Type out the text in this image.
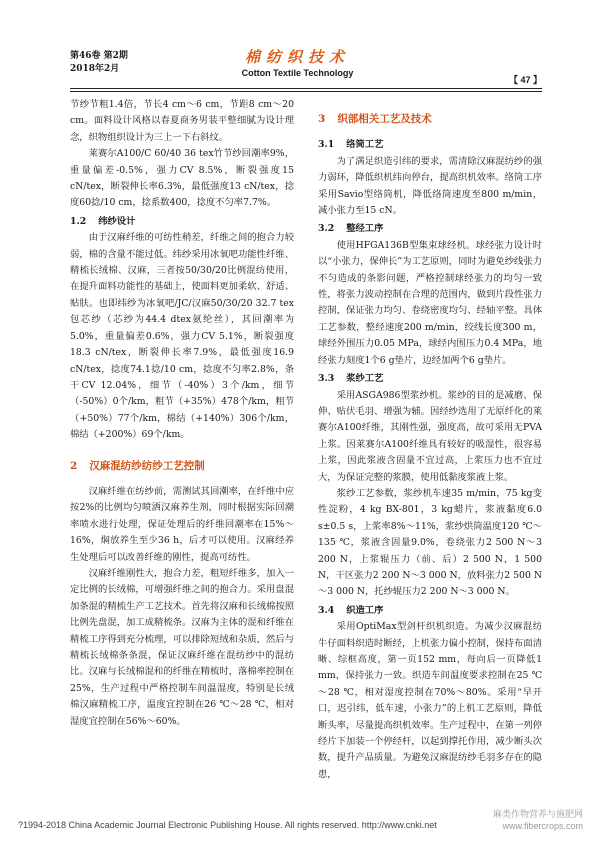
第46卷 第2期
2018年2月
棉纺织技术
Cotton Textile Technology
【 47 】

节纱节粗1.4倍，节长4 cm～6 cm，节距8 cm～20 cm。面料设计风格以春夏商务男装平整细腻为设计理念，织物组织设计为三上一下右斜纹。

莱赛尔A100/C 60/40 36 tex竹节纱回潮率9%，重量偏差-0.5%，强力CV 8.5%，断裂强度15 cN/tex，断裂伸长率6.3%，最低强度13 cN/tex，捻度60捻/10 cm，捻系数400，捻度不匀率7.7%。

1.2 纬纱设计

由于汉麻纤维的可纺性稍差，纤维之间的抱合力较弱，棉的含量不能过低。纬纱采用冰氧吧功能性纤维、精梳长绒棉、汉麻，三者按50/30/20比例混纺使用，在提升面料功能性的基础上，使面料更加柔软、舒适、贴肤。也即纬纱为冰氧吧/JC/汉麻50/30/20 32.7 tex包芯纱（芯纱为44.4 dtex氨纶丝），其回潮率为5.0%，重量偏差0.6%，强力CV 5.1%，断裂强度18.3 cN/tex，断裂伸长率7.9%，最低强度16.9 cN/tex，捻度74.1捻/10 cm，捻度不匀率2.8%，条干CV 12.04%，细节（-40%）3个/km，细节（-50%）0个/km，粗节（+35%）478个/km，粗节（+50%）77个/km，棉结（+140%）306个/km，棉结（+200%）69个/km。

2 汉麻混纺纱纺纱工艺控制

汉麻纤维在纺纱前，需测试其回潮率，在纤维中应按2%的比例均匀喷洒汉麻养生剂，同时根据实际回潮率喷水进行处理，保证处理后的纤维回潮率在15%～16%，焖放养生至少36 h，后才可以使用。汉麻经养生处理后可以改善纤维的刚性，提高可纺性。

汉麻纤维刚性大，抱合力差，粗短纤维多，加入一定比例的长绒棉，可增强纤维之间的抱合力。采用盘混加条混的精梳生产工艺技术。首先将汉麻和长绒棉按照比例先盘混，加工成精梳条。汉麻为主体的混和纤维在精梳工序得到充分梳理，可以排除短绒和杂质，然后与精梳长绒棉条条混，保证汉麻纤维在混纺纱中的混纺比。汉麻与长绒棉混和的纤维在精梳时，落棉率控制在25%，生产过程中严格控制车间温湿度，特别是长绒棉汉麻精梳工序，温度宜控制在26 ℃～28 ℃，相对湿度宜控制在56%～60%。

3 织部相关工艺及技术
3.1 络筒工艺

为了满足织造引纬的要求，需清除汉麻混纺纱的强力弱环，降低织机纬向停台，提高织机效率。络筒工序采用Savio型络筒机，降低络筒速度至800 m/min，减小张力至15 cN。

3.2 整经工序

使用HFGA136B型集束球经机。球经张力设计时以“小张力，保伸长”为工艺原则，同时为避免纱线张力不匀造成的条影问题，严格控制球经张力的均匀一致性，将张力波动控制在合理的范围内，做到片段性张力控制，保证张力均匀、卷绕密度均匀、经轴平整。具体工艺参数，整经速度200 m/min，绞线长度300 m，球经外围压力0.05 MPa，球经内围压力0.4 MPa，地经张力刻度1个6 g垫片，边经加两个6 g垫片。

3.3 浆纱工艺

采用ASGA986型浆纱机。浆纱的目的是减磨、保伸、贴伏毛羽、增强为辅。因经纱选用了无原纤化的莱赛尔A100纤维，其刚性强，强度高，故可采用无PVA上浆。因莱赛尔A100纤维具有较好的吸湿性，很容易上浆，因此浆液含固量不宜过高，上浆压力也不宜过大，为保证完整的浆膜，使用低黏度浆液上浆。

浆纱工艺参数，浆纱机车速35 m/min，75 kg变性淀粉，4 kg BX-801，3 kg蜡片，浆液黏度6.0 s±0.5 s，上浆率8%～11%，浆纱烘筒温度120 ℃～135 ℃，浆液含固量9.0%，卷绕张力2 500 N～3 200 N，上浆辊压力（前、后）2 500 N，1 500 N，干区张力2 200 N～3 000 N，放料张力2 500 N～3 000 N，托纱辊压力2 200 N～3 000 N。

3.4 织造工序

采用OptiMax型剑杆织机织造。为减少汉麻混纺牛仔面料织造时断经，上机张力偏小控制，保持布面清晰、综框高度，第一页152 mm，每向后一页降低1 mm，保持张力一致。织造车间温度要求控制在25 ℃～28 ℃，相对湿度控制在70%～80%。采用“早开口，迟引纬，低车速，小张力”的上机工艺原则，降低断头率，尽量提高织机效率。生产过程中，在第一列停经片下加装一个停经杆，以起到撑托作用，减少断头次数，提升产品质量。为避免汉麻混纺纱毛羽多存在的隐患，

?1994-2018 China Academic Journal Electronic Publishing House. All rights reserved. http://www.cnki.net
麻类作物营养与施肥网
www.fibercrops.com
